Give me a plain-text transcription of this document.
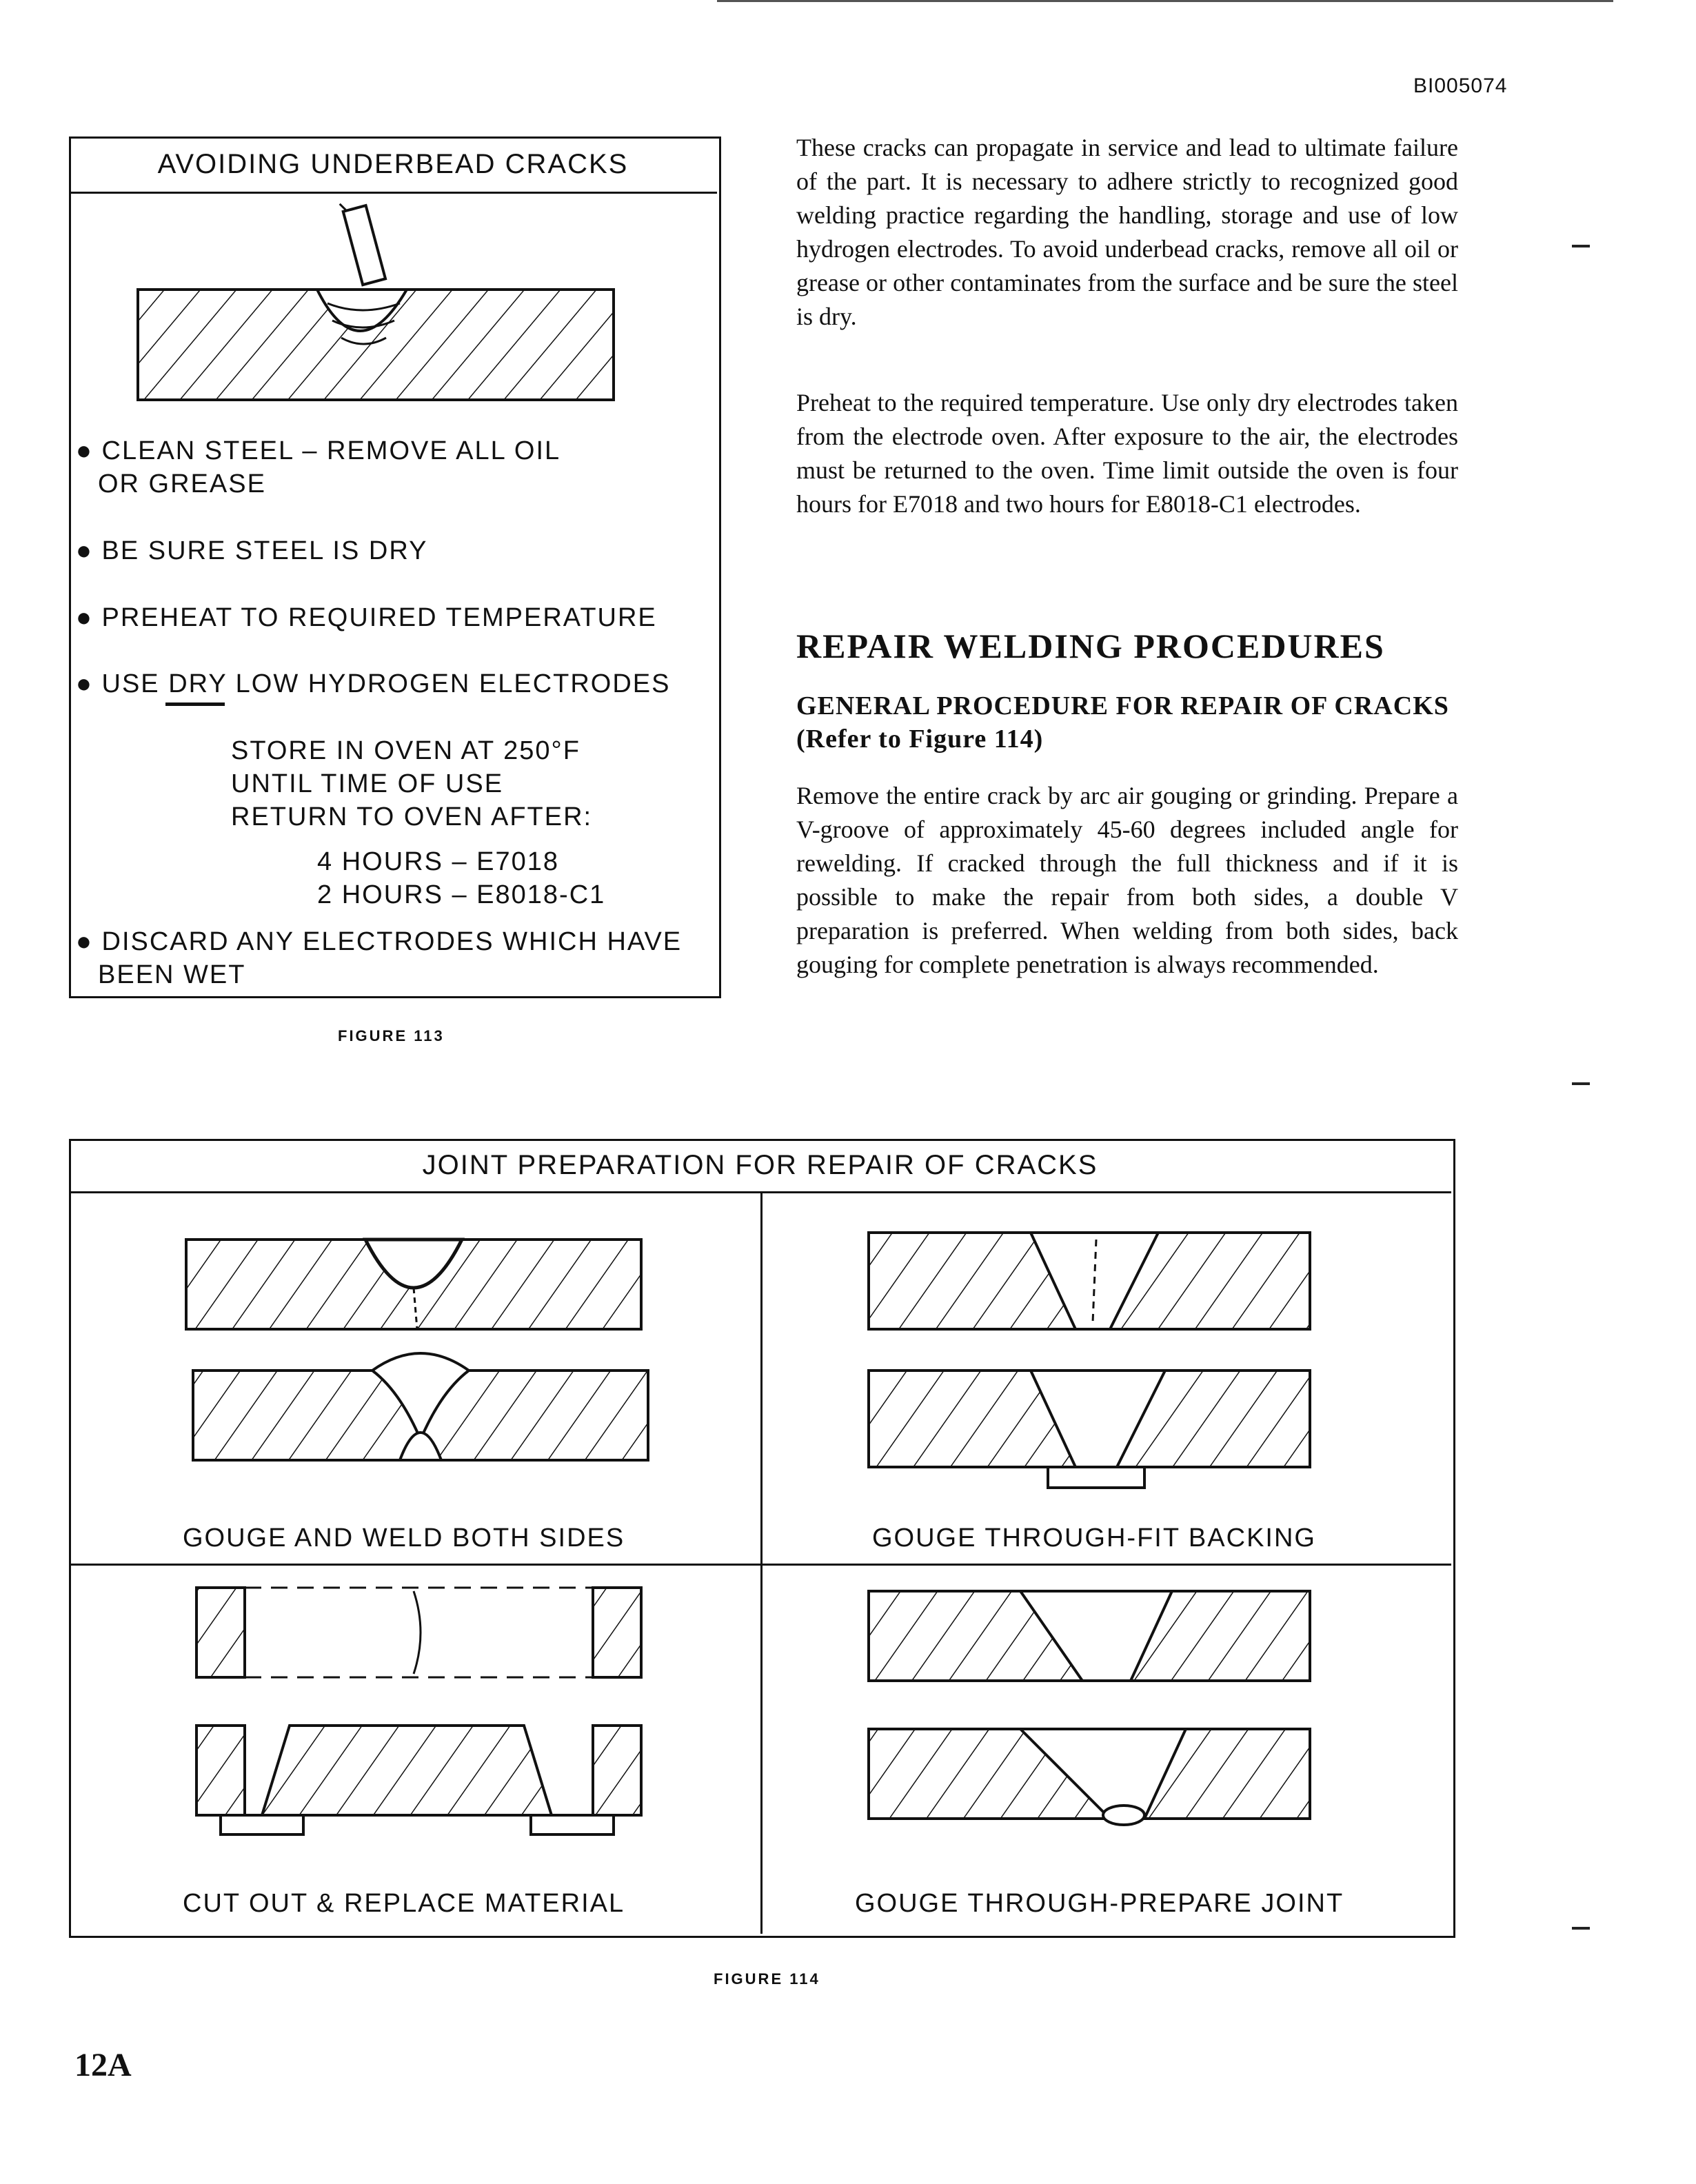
BI005074
AVOIDING UNDERBEAD CRACKS
● CLEAN STEEL – REMOVE ALL OIL
OR GREASE
● BE SURE STEEL IS DRY
● PREHEAT TO REQUIRED TEMPERATURE
● USE DRY LOW HYDROGEN ELECTRODES
STORE IN OVEN AT 250°F
UNTIL TIME OF USE
RETURN TO OVEN AFTER:
4 HOURS – E7018
2 HOURS – E8018-C1
● DISCARD ANY ELECTRODES WHICH HAVE
BEEN WET
FIGURE 113
These cracks can propagate in service and lead to ultimate failure of the part. It is necessary to adhere strictly to recognized good welding practice regarding the handling, storage and use of low hydrogen electrodes. To avoid underbead cracks, remove all oil or grease or other contaminates from the surface and be sure the steel is dry.
Preheat to the required temperature. Use only dry electrodes taken from the electrode oven. After exposure to the air, the electrodes must be returned to the oven. Time limit outside the oven is four hours for E7018 and two hours for E8018-C1 electrodes.
REPAIR WELDING PROCEDURES
GENERAL PROCEDURE FOR REPAIR OF CRACKS (Refer to Figure 114)
Remove the entire crack by arc air gouging or grinding. Prepare a V-groove of approximately 45-60 degrees included angle for rewelding. If cracked through the full thickness and if it is possible to make the repair from both sides, a double V preparation is preferred. When welding from both sides, back gouging for complete penetration is always recommended.
JOINT PREPARATION FOR REPAIR OF CRACKS
GOUGE AND WELD BOTH SIDES	GOUGE THROUGH-FIT BACKING
CUT OUT & REPLACE MATERIAL	GOUGE THROUGH-PREPARE JOINT
FIGURE 114
12A
